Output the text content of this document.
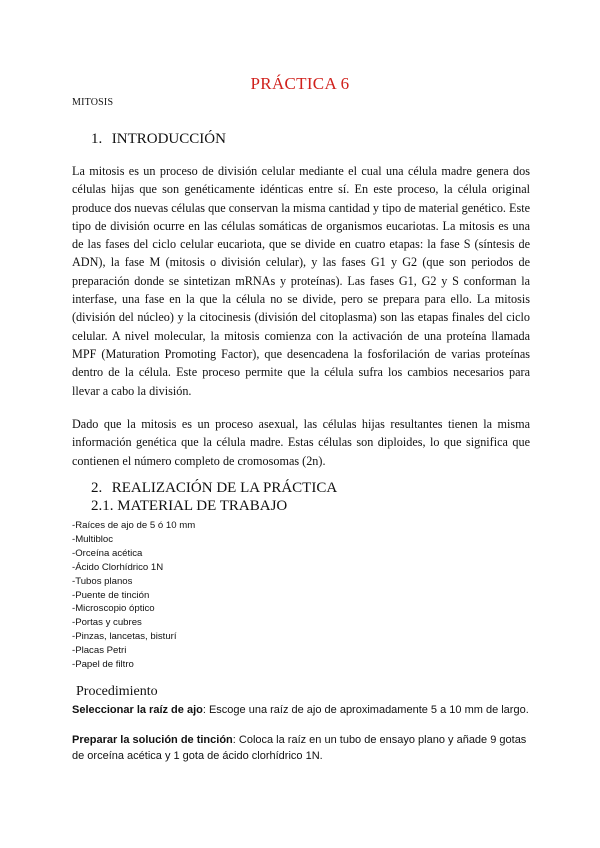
PRÁCTICA 6
MITOSIS
1. INTRODUCCIÓN

La mitosis es un proceso de división celular mediante el cual una célula madre genera dos células hijas que son genéticamente idénticas entre sí. En este proceso, la célula original produce dos nuevas células que conservan la misma cantidad y tipo de material genético. Este tipo de división ocurre en las células somáticas de organismos eucariotas. La mitosis es una de las fases del ciclo celular eucariota, que se divide en cuatro etapas: la fase S (síntesis de ADN), la fase M (mitosis o división celular), y las fases G1 y G2 (que son periodos de preparación donde se sintetizan mRNAs y proteínas). Las fases G1, G2 y S conforman la interfase, una fase en la que la célula no se divide, pero se prepara para ello. La mitosis (división del núcleo) y la citocinesis (división del citoplasma) son las etapas finales del ciclo celular. A nivel molecular, la mitosis comienza con la activación de una proteína llamada MPF (Maturation Promoting Factor), que desencadena la fosforilación de varias proteínas dentro de la célula. Este proceso permite que la célula sufra los cambios necesarios para llevar a cabo la división.

Dado que la mitosis es un proceso asexual, las células hijas resultantes tienen la misma información genética que la célula madre. Estas células son diploides, lo que significa que contienen el número completo de cromosomas (2n).

2. REALIZACIÓN DE LA PRÁCTICA
2.1. MATERIAL DE TRABAJO
-Raíces de ajo de 5 ó 10 mm
-Multibloc
-Orceína acética
-Ácido Clorhídrico 1N
-Tubos planos
-Puente de tinción
-Microscopio óptico
-Portas y cubres
-Pinzas, lancetas, bisturí
-Placas Petri
-Papel de filtro
Procedimiento

Seleccionar la raíz de ajo: Escoge una raíz de ajo de aproximadamente 5 a 10 mm de largo.

Preparar la solución de tinción: Coloca la raíz en un tubo de ensayo plano y añade 9 gotas de orceína acética y 1 gota de ácido clorhídrico 1N.
